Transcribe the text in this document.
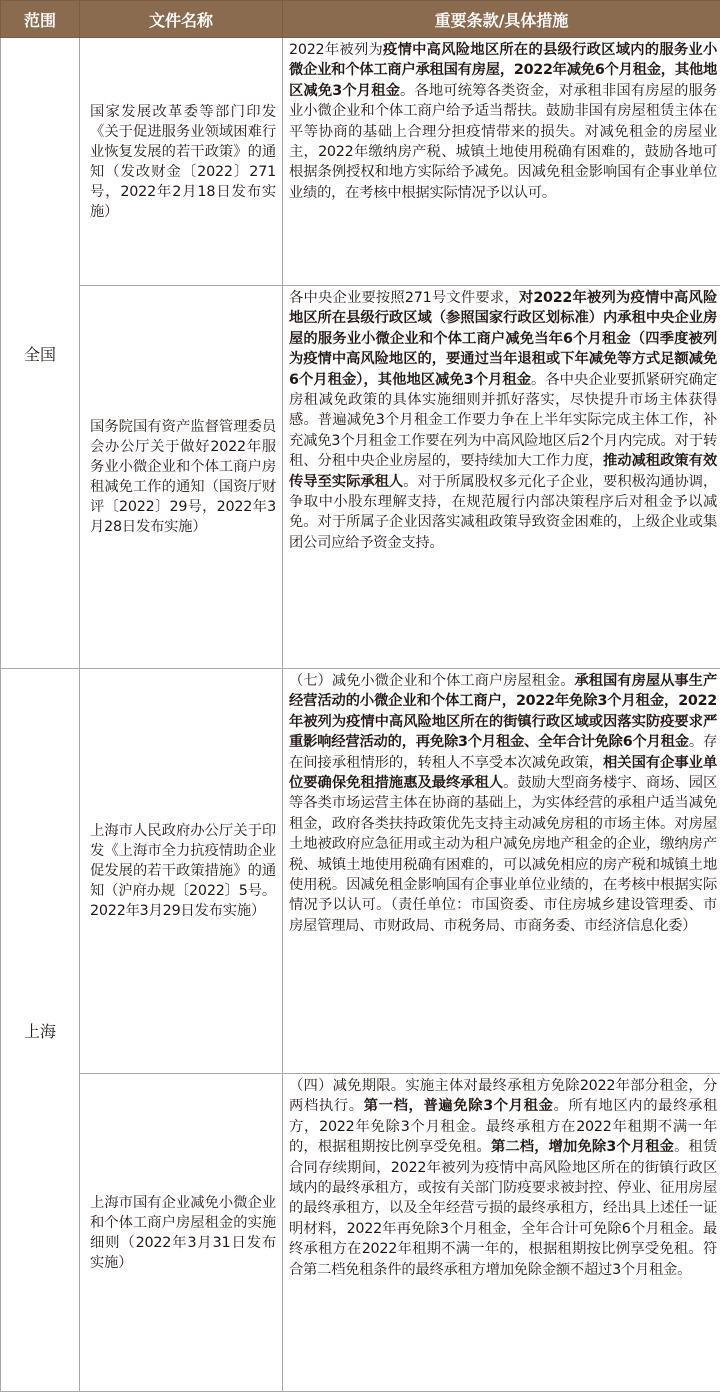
范围	文件名称	重要条款/具体措施
全国	国家发展改革委等部门印发《关于促进服务业领域困难行业恢复发展的若干政策》的通知（发改财金〔2022〕271号，2022年2月18日发布实施）	2022年被列为疫情中高风险地区所在的县级行政区域内的服务业小微企业和个体工商户承租国有房屋，2022年减免6个月租金，其他地区减免3个月租金。各地可统筹各类资金，对承租非国有房屋的服务业小微企业和个体工商户给予适当帮扶。鼓励非国有房屋租赁主体在平等协商的基础上合理分担疫情带来的损失。对减免租金的房屋业主，2022年缴纳房产税、城镇土地使用税确有困难的，鼓励各地可根据条例授权和地方实际给予减免。因减免租金影响国有企事业单位业绩的，在考核中根据实际情况予以认可。

	国务院国有资产监督管理委员会办公厅关于做好2022年服务业小微企业和个体工商户房租减免工作的通知（国资厅财评〔2022〕29号，2022年3月28日发布实施）	各中央企业要按照271号文件要求，对2022年被列为疫情中高风险地区所在县级行政区域（参照国家行政区划标准）内承租中央企业房屋的服务业小微企业和个体工商户减免当年6个月租金（四季度被列为疫情中高风险地区的，要通过当年退租或下年减免等方式足额减免6个月租金），其他地区减免3个月租金。各中央企业要抓紧研究确定房租减免政策的具体实施细则并抓好落实，尽快提升市场主体获得感。普遍减免3个月租金工作要力争在上半年实际完成主体工作，补充减免3个月租金工作要在列为中高风险地区后2个月内完成。对于转租、分租中央企业房屋的，要持续加大工作力度，推动减租政策有效传导至实际承租人。对于所属股权多元化子企业，要积极沟通协调，争取中小股东理解支持，在规范履行内部决策程序后对租金予以减免。对于所属子企业因落实减租政策导致资金困难的，上级企业或集团公司应给予资金支持。

上海	上海市人民政府办公厅关于印发《上海市全力抗疫情助企业促发展的若干政策措施》的通知（沪府办规〔2022〕5号。2022年3月29日发布实施）	（七）减免小微企业和个体工商户房屋租金。承租国有房屋从事生产经营活动的小微企业和个体工商户，2022年免除3个月租金，2022年被列为疫情中高风险地区所在的街镇行政区域或因落实防疫要求严重影响经营活动的，再免除3个月租金、全年合计免除6个月租金。存在间接承租情形的，转租人不享受本次减免政策，相关国有企事业单位要确保免租措施惠及最终承租人。鼓励大型商务楼宇、商场、园区等各类市场运营主体在协商的基础上，为实体经营的承租户适当减免租金，政府各类扶持政策优先支持主动减免房租的市场主体。对房屋土地被政府应急征用或主动为租户减免房地产租金的企业，缴纳房产税、城镇土地使用税确有困难的，可以减免相应的房产税和城镇土地使用税。因减免租金影响国有企事业单位业绩的，在考核中根据实际情况予以认可。（责任单位：市国资委、市住房城乡建设管理委、市房屋管理局、市财政局、市税务局、市商务委、市经济信息化委）

	上海市国有企业减免小微企业和个体工商户房屋租金的实施细则（2022年3月31日发布实施）	（四）减免期限。实施主体对最终承租方免除2022年部分租金，分两档执行。第一档，普遍免除3个月租金。所有地区内的最终承租方，2022年免除3个月租金。最终承租方在2022年租期不满一年的，根据租期按比例享受免租。第二档，增加免除3个月租金。租赁合同存续期间，2022年被列为疫情中高风险地区所在的街镇行政区域内的最终承租方，或按有关部门防疫要求被封控、停业、征用房屋的最终承租方，以及全年经营亏损的最终承租方，经出具上述任一证明材料，2022年再免除3个月租金，全年合计可免除6个月租金。最终承租方在2022年租期不满一年的，根据租期按比例享受免租。符合第二档免租条件的最终承租方增加免除金额不超过3个月租金。
